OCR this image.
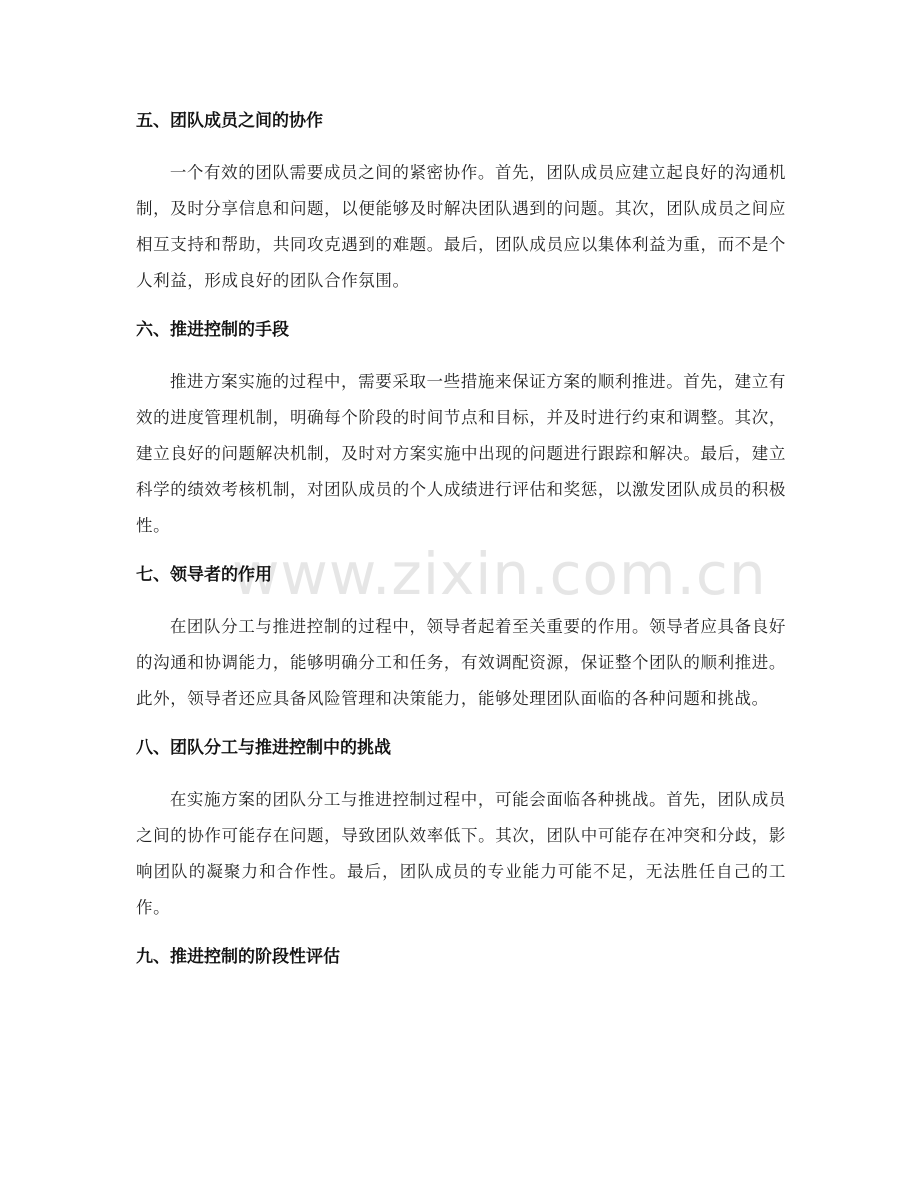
www.zixin.com.cn
五、团队成员之间的协作

一个有效的团队需要成员之间的紧密协作。首先，团队成员应建立起良好的沟通机制，及时分享信息和问题，以便能够及时解决团队遇到的问题。其次，团队成员之间应相互支持和帮助，共同攻克遇到的难题。最后，团队成员应以集体利益为重，而不是个人利益，形成良好的团队合作氛围。

六、推进控制的手段

推进方案实施的过程中，需要采取一些措施来保证方案的顺利推进。首先，建立有效的进度管理机制，明确每个阶段的时间节点和目标，并及时进行约束和调整。其次，建立良好的问题解决机制，及时对方案实施中出现的问题进行跟踪和解决。最后，建立科学的绩效考核机制，对团队成员的个人成绩进行评估和奖惩，以激发团队成员的积极性。

七、领导者的作用

在团队分工与推进控制的过程中，领导者起着至关重要的作用。领导者应具备良好的沟通和协调能力，能够明确分工和任务，有效调配资源，保证整个团队的顺利推进。此外，领导者还应具备风险管理和决策能力，能够处理团队面临的各种问题和挑战。

八、团队分工与推进控制中的挑战

在实施方案的团队分工与推进控制过程中，可能会面临各种挑战。首先，团队成员之间的协作可能存在问题，导致团队效率低下。其次，团队中可能存在冲突和分歧，影响团队的凝聚力和合作性。最后，团队成员的专业能力可能不足，无法胜任自己的工作。

九、推进控制的阶段性评估
